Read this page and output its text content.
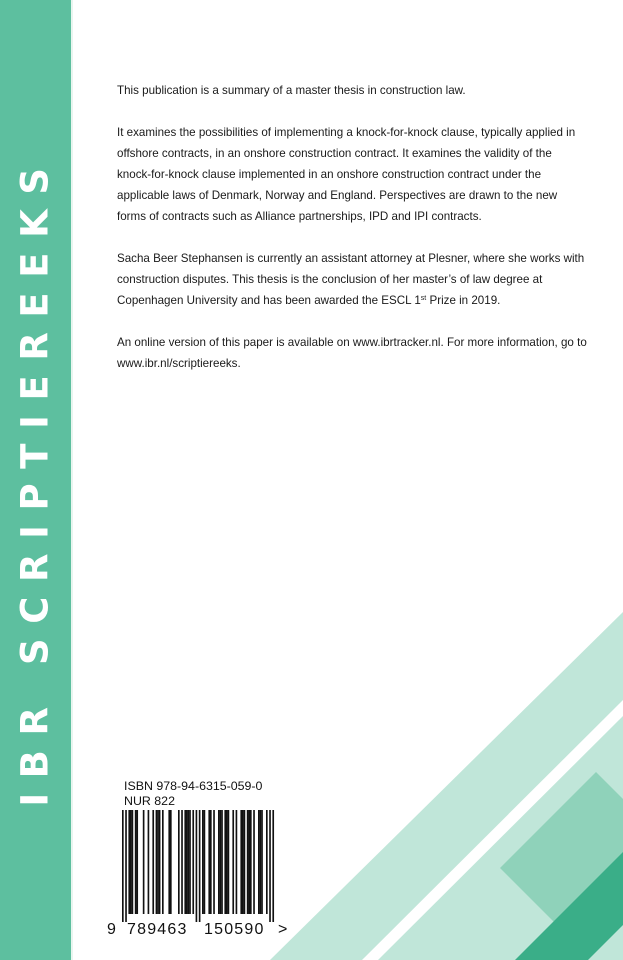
IBR SCRIPTIEREEKS

This publication is a summary of a master thesis in construction law.

It examines the possibilities of implementing a knock-for-knock clause, typically applied in offshore contracts, in an onshore construction contract. It examines the validity of the knock-for-knock clause implemented in an onshore construction contract under the applicable laws of Denmark, Norway and England. Perspectives are drawn to the new forms of contracts such as Alliance partnerships, IPD and IPI contracts.

Sacha Beer Stephansen is currently an assistant attorney at Plesner, where she works with construction disputes. This thesis is the conclusion of her master’s of law degree at Copenhagen University and has been awarded the ESCL 1st Prize in 2019.

An online version of this paper is available on www.ibrtracker.nl. For more information, go to www.ibr.nl/scriptiereeks.

ISBN 978-94-6315-059-0
NUR 822
9 789463 150590 >
